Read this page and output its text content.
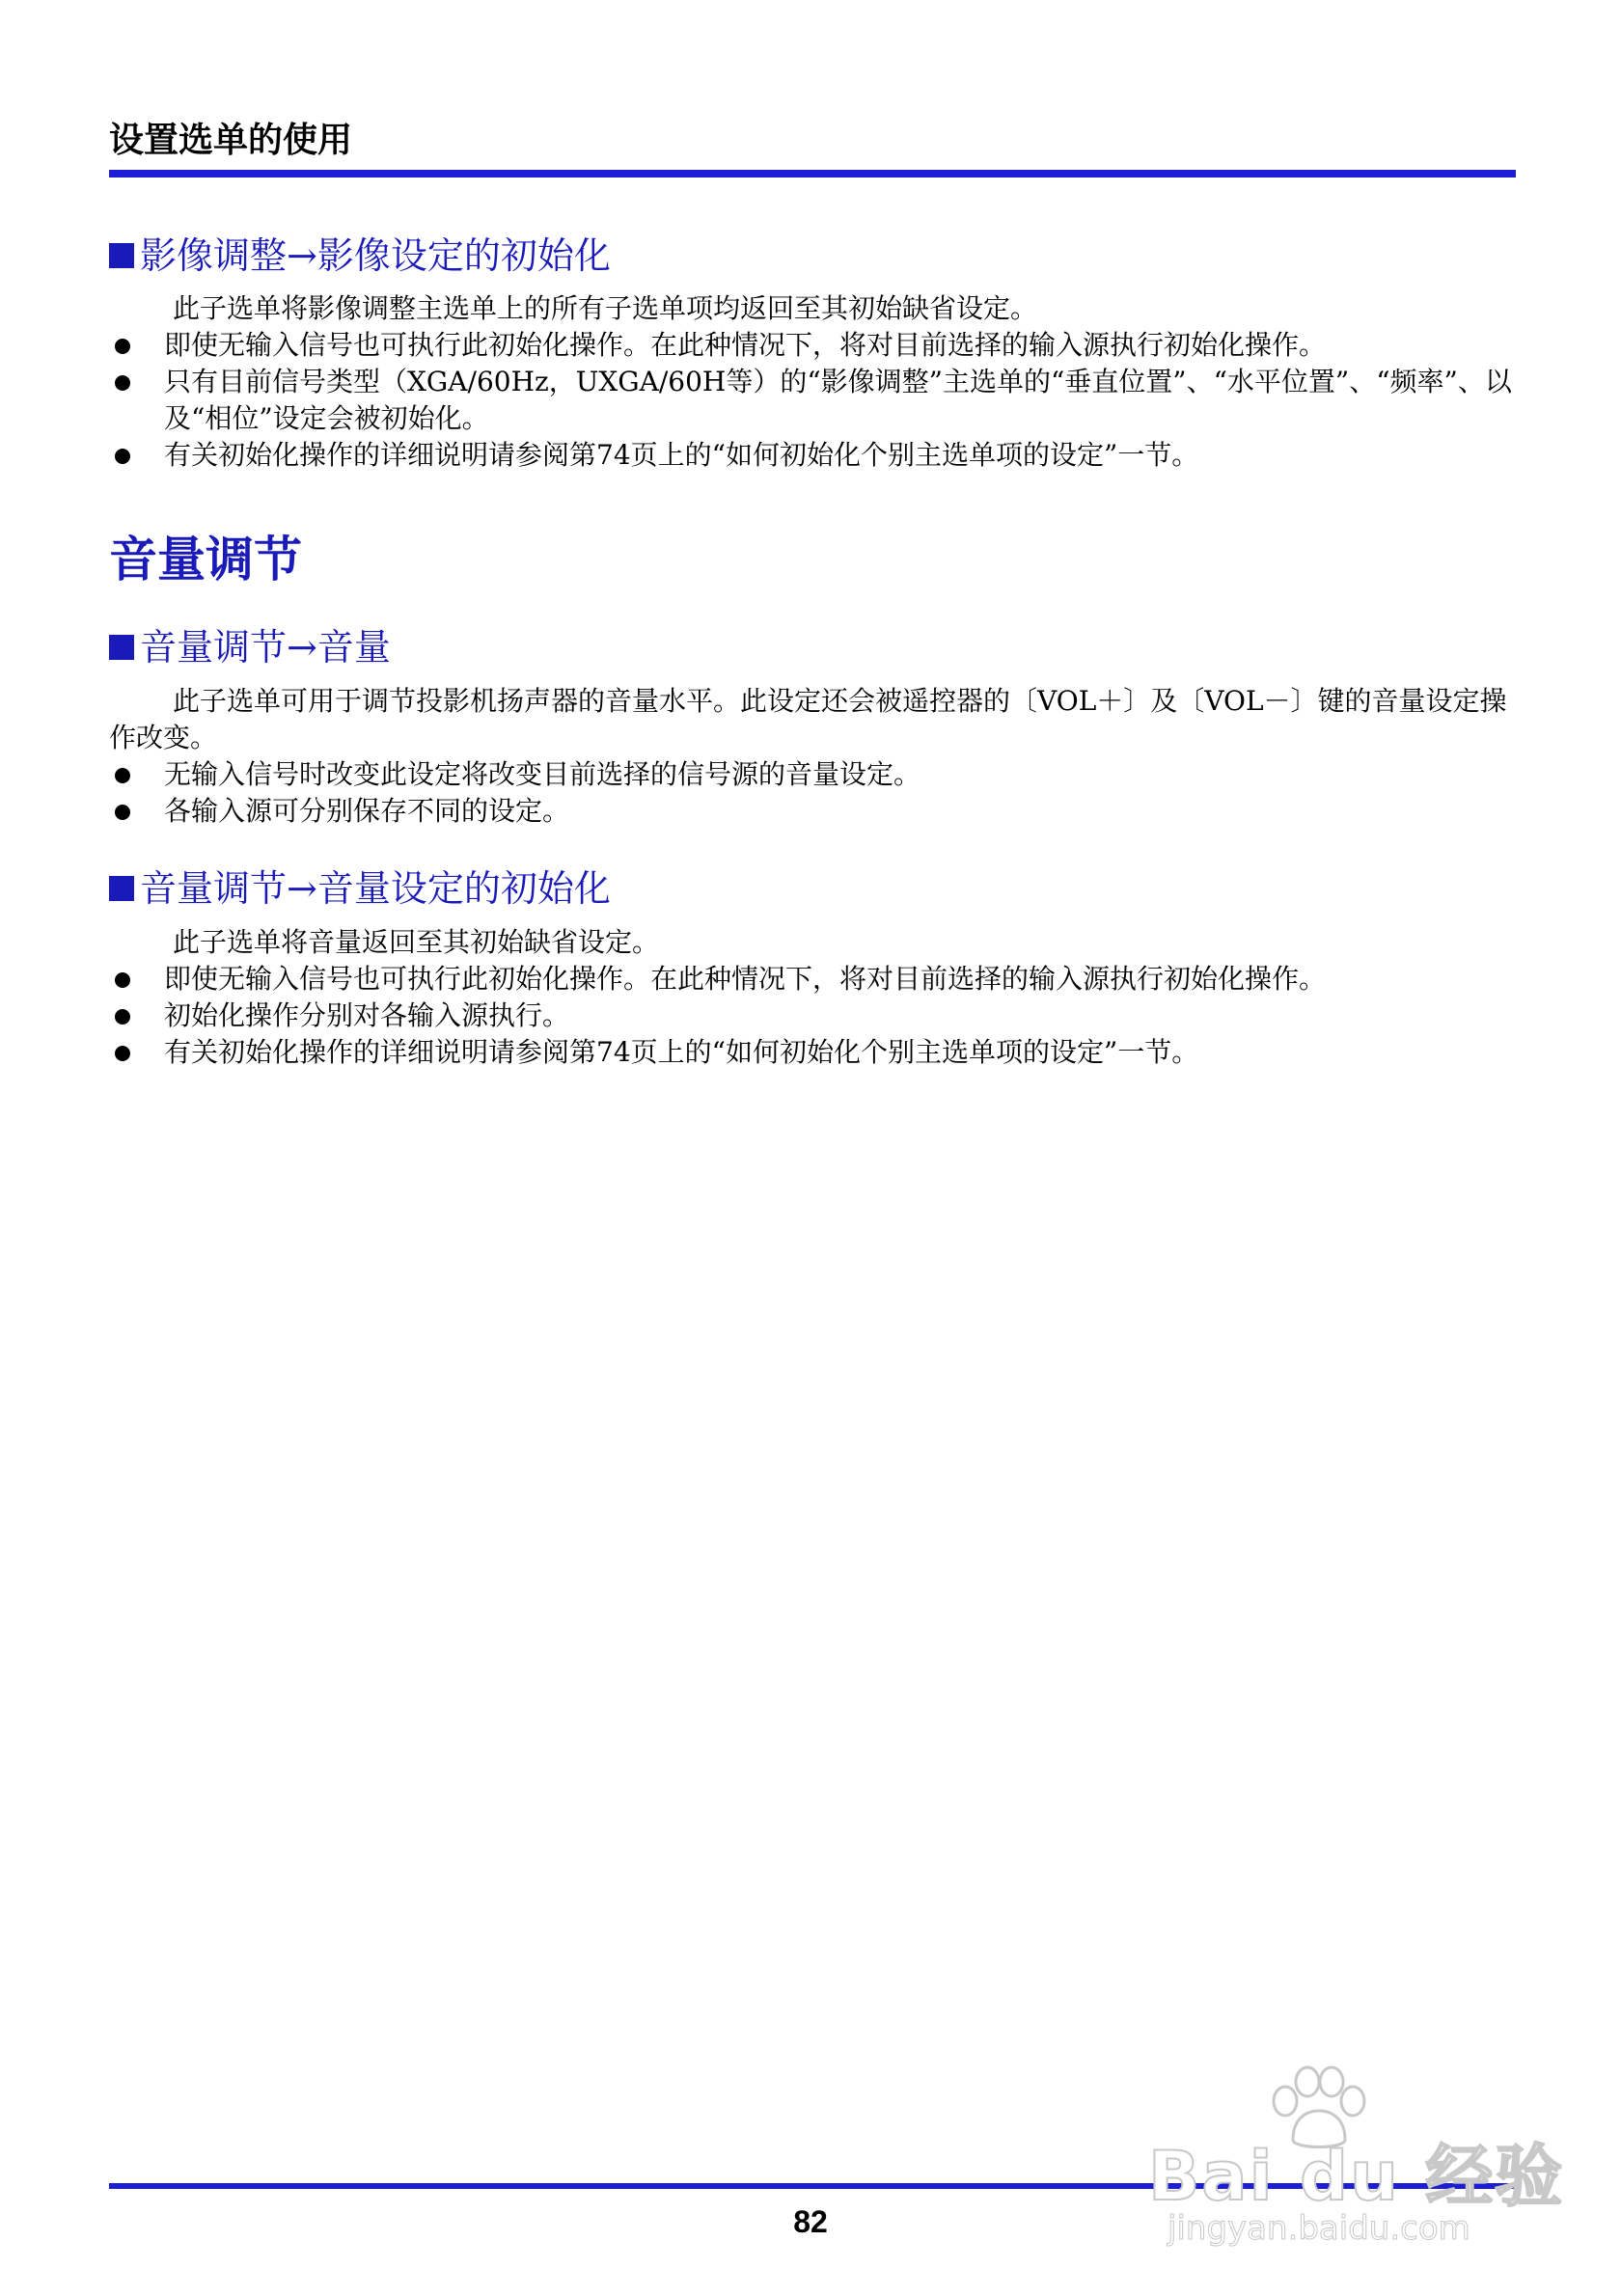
设置选单的使用
影像调整→影像设定的初始化

此子选单将影像调整主选单上的所有子选单项均返回至其初始缺省设定。

即使无输入信号也可执行此初始化操作。在此种情况下，将对目前选择的输入源执行初始化操作。
只有目前信号类型（XGA/60Hz，UXGA/60H等）的“影像调整”主选单的“垂直位置”、“水平位置”、“频率”、以及“相位”设定会被初始化。
有关初始化操作的详细说明请参阅第74页上的“如何初始化个别主选单项的设定”一节。
音量调节
音量调节→音量

此子选单可用于调节投影机扬声器的音量水平。此设定还会被遥控器的〔VOL＋〕及〔VOL－〕键的音量设定操作改变。

无输入信号时改变此设定将改变目前选择的信号源的音量设定。
各输入源可分别保存不同的设定。
音量调节→音量设定的初始化

此子选单将音量返回至其初始缺省设定。

即使无输入信号也可执行此初始化操作。在此种情况下，将对目前选择的输入源执行初始化操作。
初始化操作分别对各输入源执行。
有关初始化操作的详细说明请参阅第74页上的“如何初始化个别主选单项的设定”一节。
82
Bai du 经验
jingyan.baidu.com
